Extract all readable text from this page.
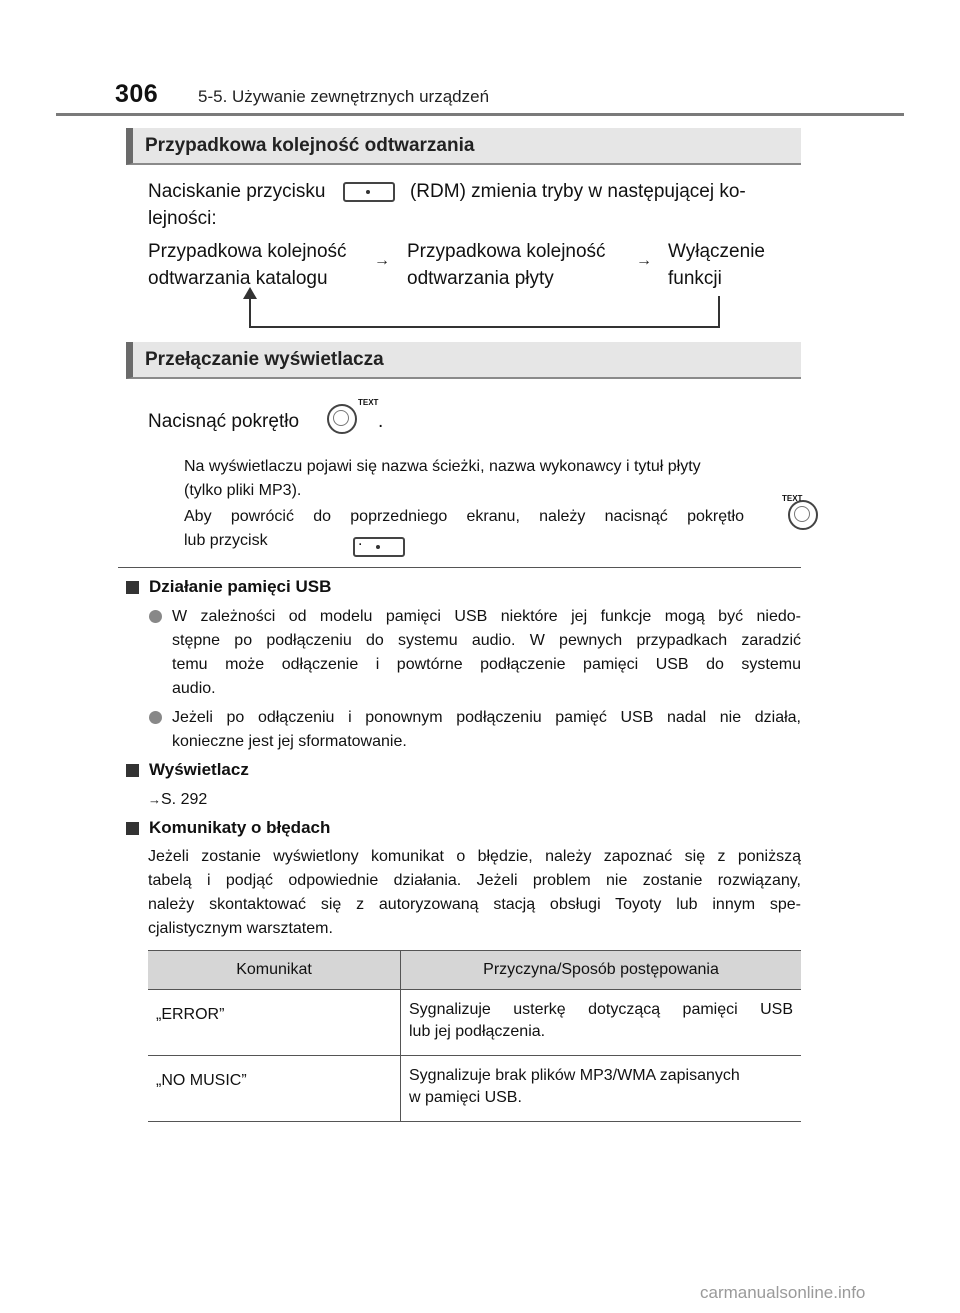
306 5-5. Używanie zewnętrznych urządzeń
Przypadkowa kolejność odtwarzania
Naciskanie przycisku	(RDM) zmienia tryby w następującej ko-
lejności:
Przypadkowa kolejność
odtwarzania katalogu
→ Przypadkowa kolejność
odtwarzania płyty
→ Wyłączenie
funkcji
Przełączanie wyświetlacza
Nacisnąć pokrętło

TEXT
.
Na wyświetlaczu pojawi się nazwa ścieżki, nazwa wykonawcy i tytuł płyty
(tylko pliki MP3).
Aby powrócić do poprzedniego ekranu, należy nacisnąć pokrętło

TEXT
lub przycisk	.
Działanie pamięci USB
W zależności od modelu pamięci USB niektóre jej funkcje mogą być niedo-
stępne po podłączeniu do systemu audio. W pewnych przypadkach zaradzić
temu może odłączenie i powtórne podłączenie pamięci USB do systemu
audio.
Jeżeli po odłączeniu i ponownym podłączeniu pamięć USB nadal nie działa,
konieczne jest jej sformatowanie.
Wyświetlacz
→S. 292
Komunikaty o błędach
Jeżeli zostanie wyświetlony komunikat o błędzie, należy zapoznać się z poniższą
tabelą i podjąć odpowiednie działania. Jeżeli problem nie zostanie rozwiązany,
należy skontaktować się z autoryzowaną stacją obsługi Toyoty lub innym spe-
cjalistycznym warsztatem.
Komunikat	Przyczyna/Sposób postępowania
„ERROR”	Sygnalizuje usterkę dotyczącą pamięci USB
lub jej podłączenia.

„NO MUSIC”	Sygnalizuje brak plików MP3/WMA zapisanych
w pamięci USB.
carmanualsonline.info
